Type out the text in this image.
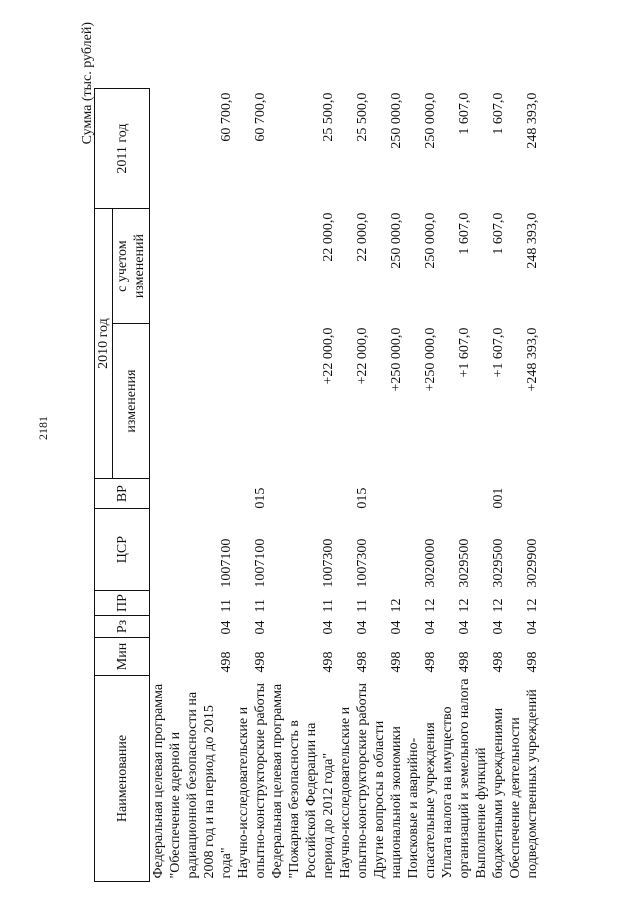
2181
Сумма (тыс. рублей)
Наименование	Мин	Рз	ПР	ЦСР	ВР	2010 год		2011 год
						изменения	с учетом изменений	
Федеральная целевая программа "Обеспечение ядерной и радиационной безопасности на 2008 год и на период до 2015 года"	498	04	11	1007100				60 700,0
Научно-исследовательские и опытно-конструкторские работы	498	04	11	1007100	015			60 700,0
Федеральная целевая программа "Пожарная безопасность в Российской Федерации на период до 2012 года"	498	04	11	1007300		+22 000,0	22 000,0	25 500,0
Научно-исследовательские и опытно-конструкторские работы	498	04	11	1007300	015	+22 000,0	22 000,0	25 500,0
Другие вопросы в области национальной экономики	498	04	12			+250 000,0	250 000,0	250 000,0
Поисковые и аварийно-спасательные учреждения	498	04	12	3020000		+250 000,0	250 000,0	250 000,0
Уплата налога на имущество организаций и земельного налога	498	04	12	3029500		+1 607,0	1 607,0	1 607,0
Выполнение функций бюджетными учреждениями	498	04	12	3029500	001	+1 607,0	1 607,0	1 607,0
Обеспечение деятельности подведомственных учреждений	498	04	12	3029900		+248 393,0	248 393,0	248 393,0
